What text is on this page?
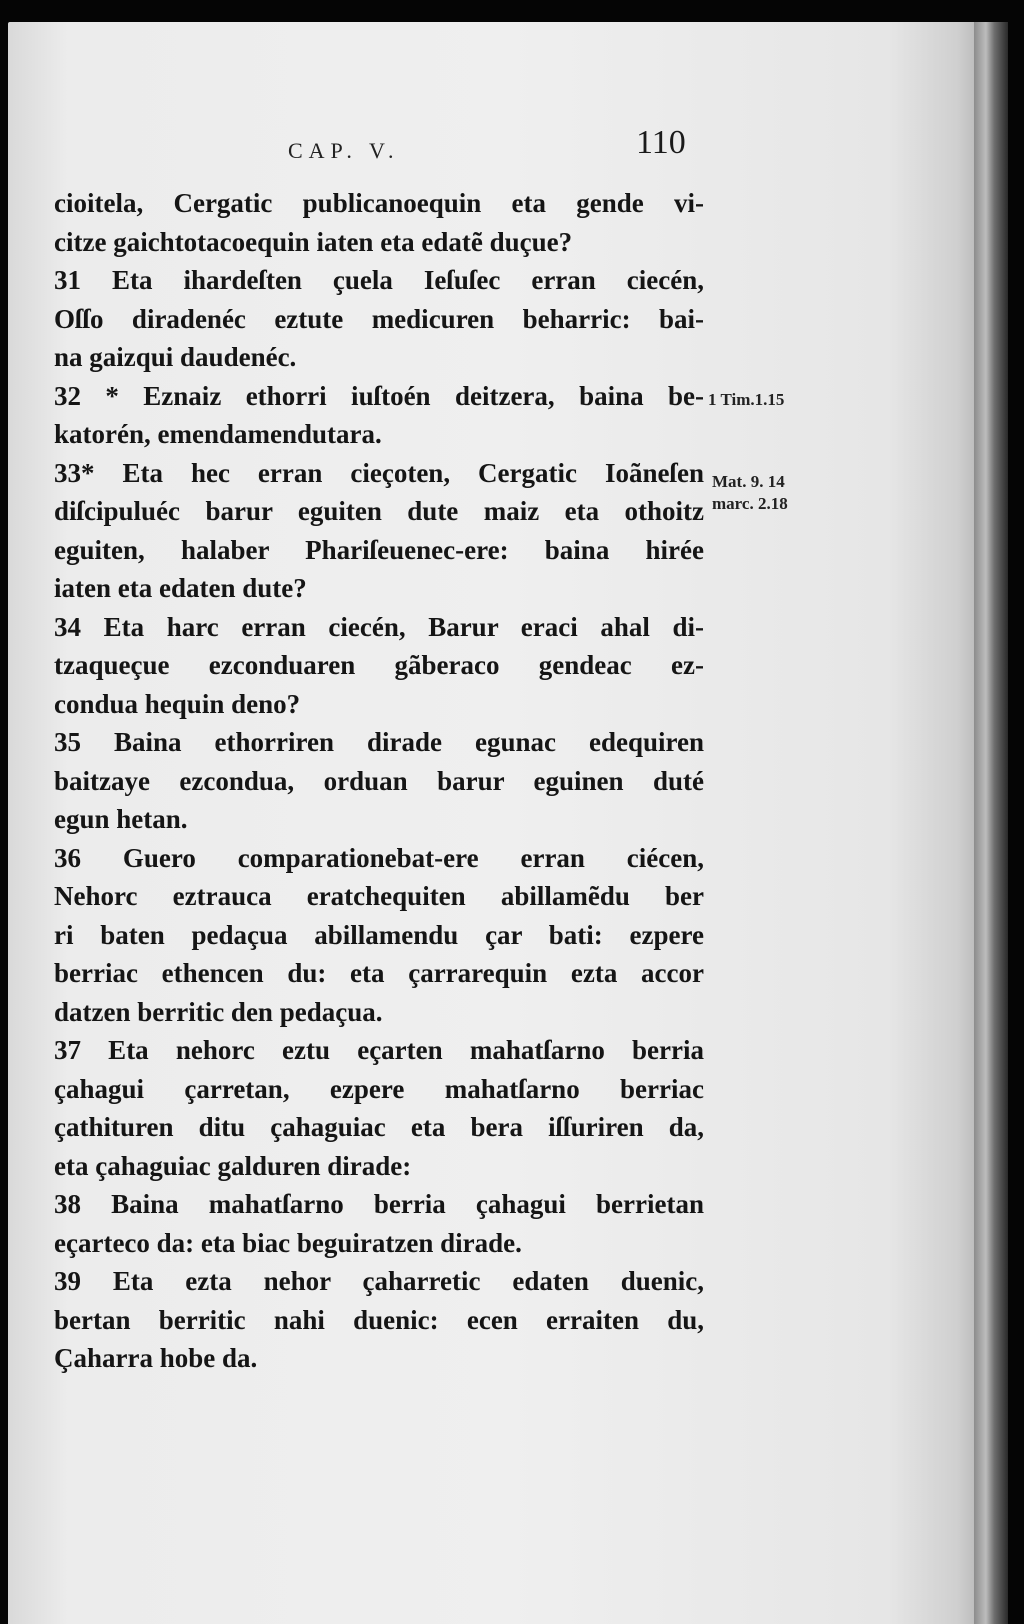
CAP. V.	110
cioitela, Cergatic publicanoequin eta gende vi-
citze gaichtotacoequin iaten eta edatẽ duçue?
31 Eta ihardeſten çuela Ieſuſec erran ciecén,
Oſſo diradenéc eztute medicuren beharric: bai-
na gaizqui daudenéc.
32 * Eznaiz ethorri iuſtoén deitzera, baina be-
katorén, emendamendutara.
33* Eta hec erran cieçoten, Cergatic Ioãneſen
diſcipuluéc barur eguiten dute maiz eta othoitz
eguiten, halaber Phariſeuenec-ere: baina hirée
iaten eta edaten dute?
34 Eta harc erran ciecén, Barur eraci ahal di-
tzaqueçue ezconduaren gãberaco gendeac ez-
condua hequin deno?
35 Baina ethorriren dirade egunac edequiren
baitzaye ezcondua, orduan barur eguinen duté
egun hetan.
36 Guero comparationebat-ere erran ciécen,
Nehorc eztrauca eratchequiten abillamẽdu ber
ri baten pedaçua abillamendu çar bati: ezpere
berriac ethencen du: eta çarrarequin ezta accor
datzen berritic den pedaçua.
37 Eta nehorc eztu eçarten mahatſarno berria
çahagui çarretan, ezpere mahatſarno berriac
çathituren ditu çahaguiac eta bera iſſuriren da,
eta çahaguiac galduren dirade:
38 Baina mahatſarno berria çahagui berrietan
eçarteco da: eta biac beguiratzen dirade.
39 Eta ezta nehor çaharretic edaten duenic,
bertan berritic nahi duenic: ecen erraiten du,
Çaharra hobe da.
1 Tim.1.15
Mat. 9. 14
marc. 2.18
